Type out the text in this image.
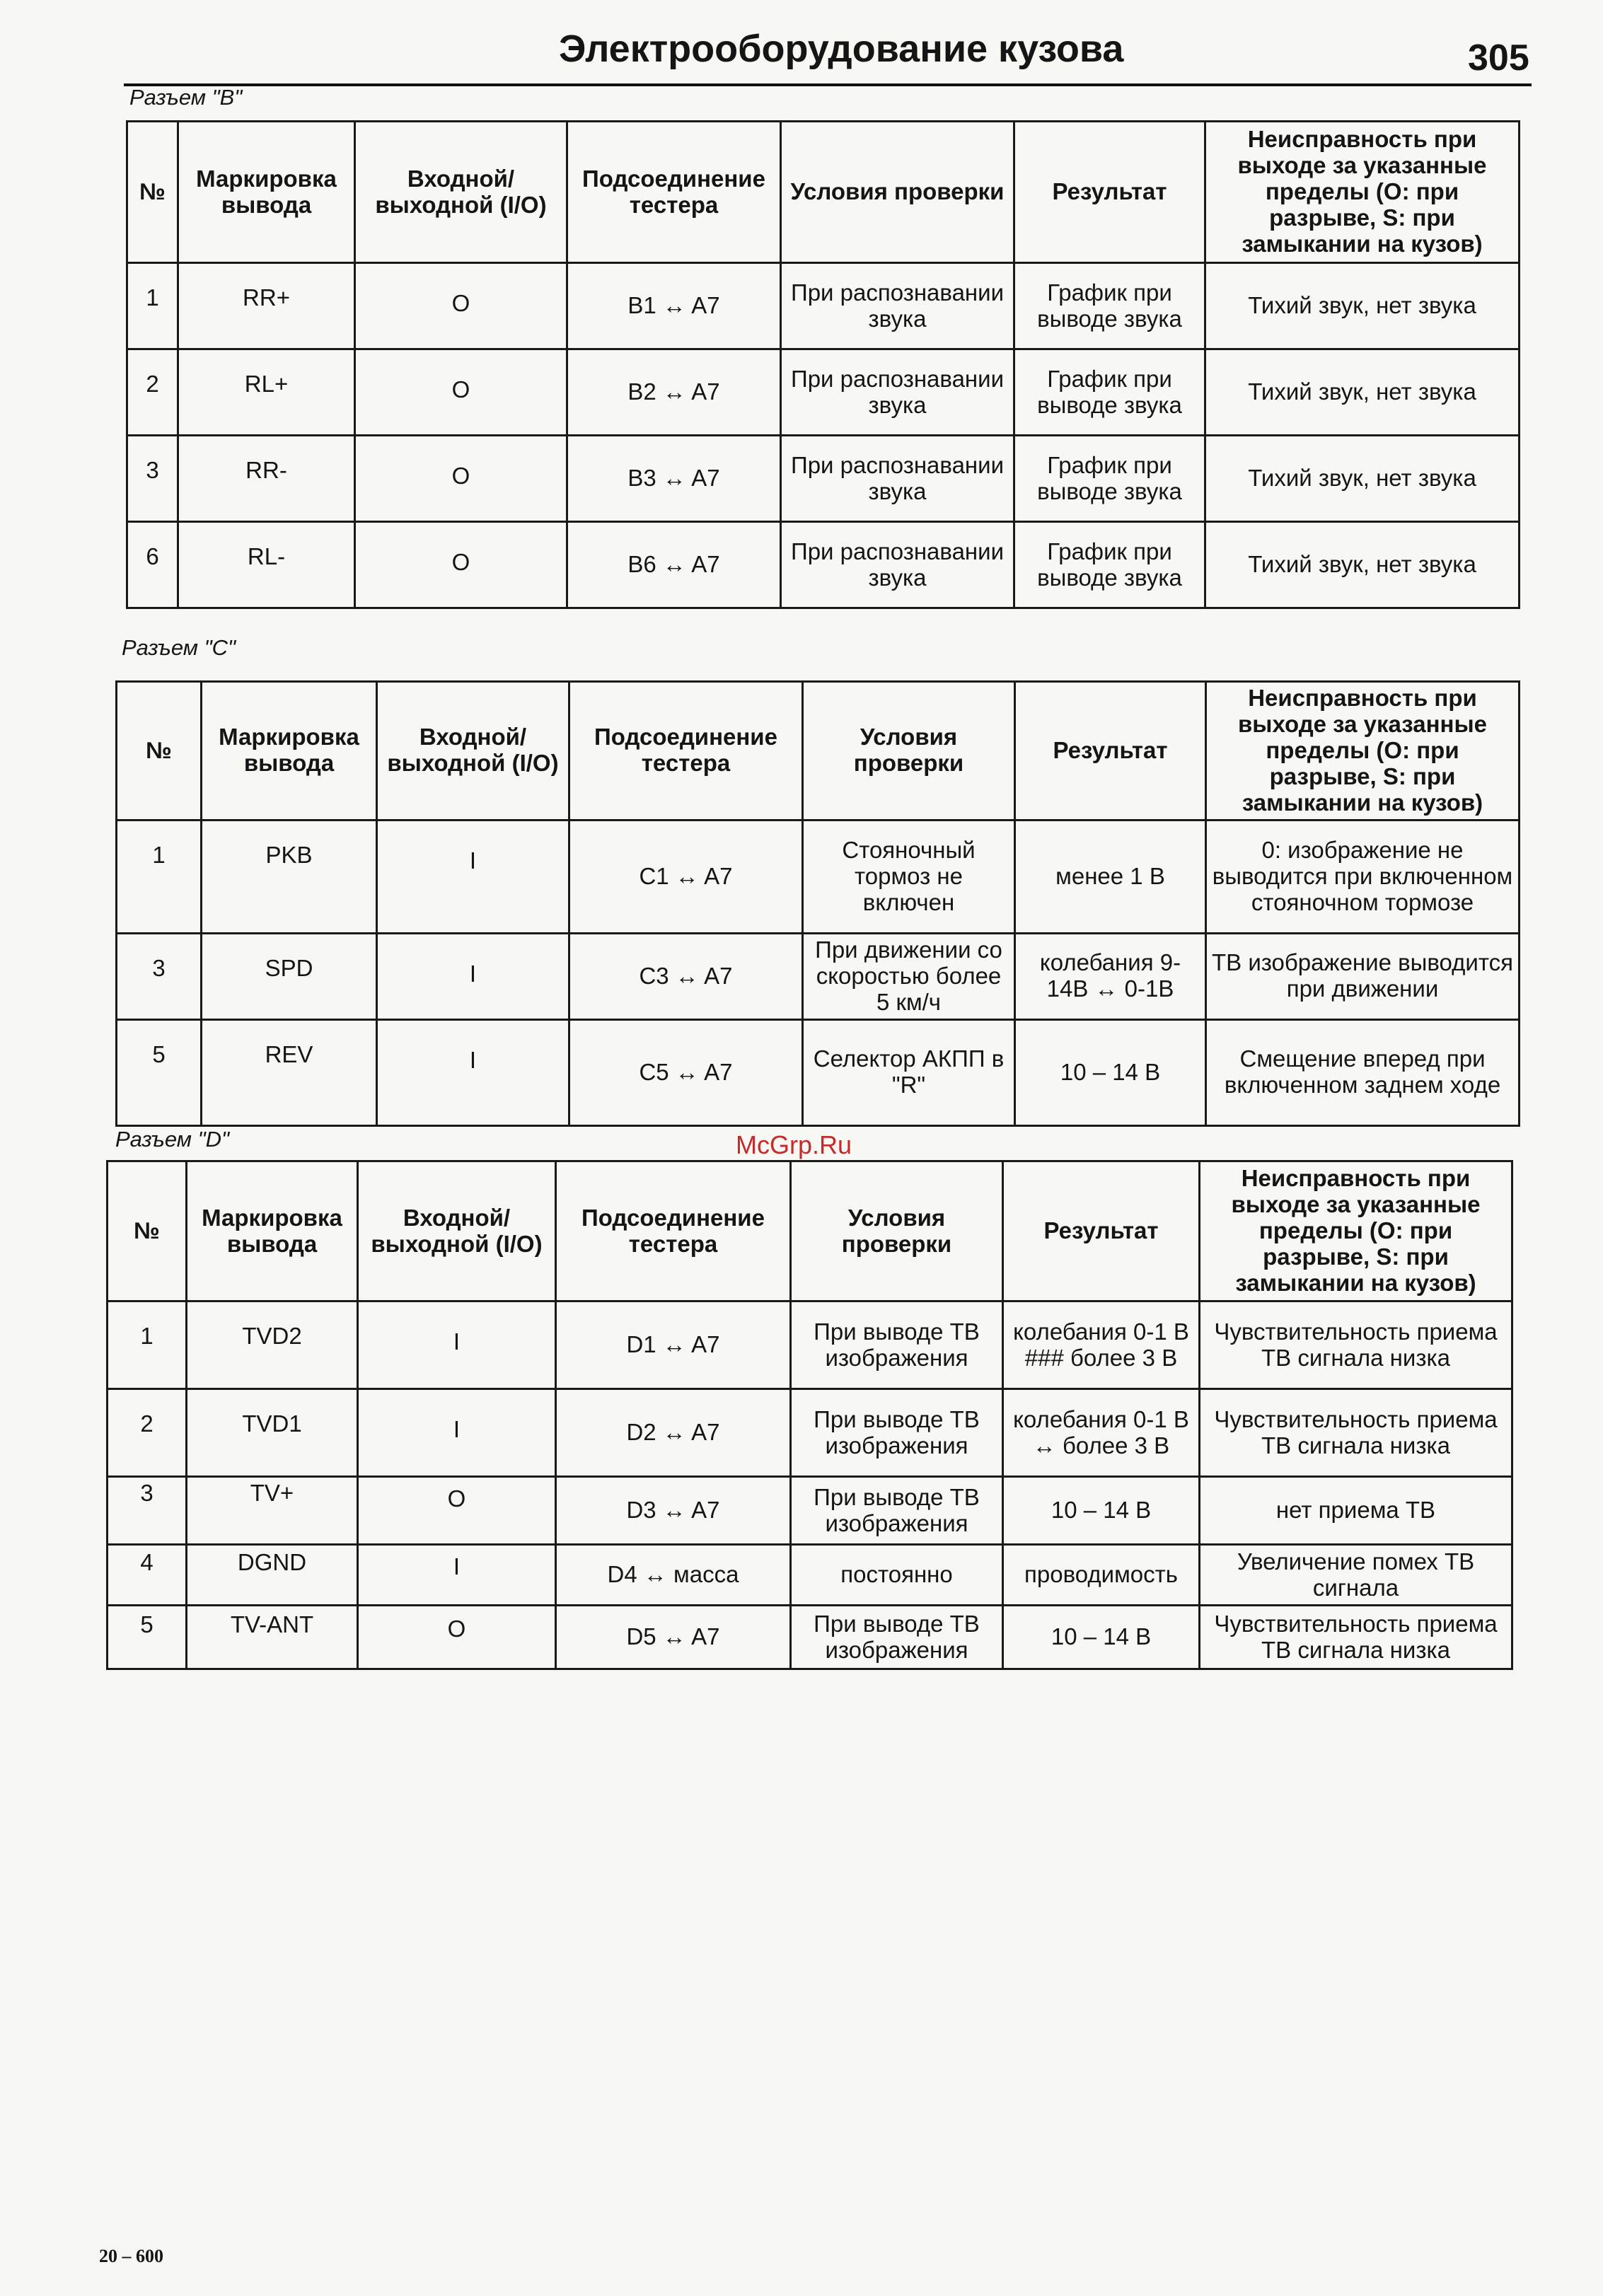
Электрооборудование кузова	305
Разъем "B"
№	Маркировка вывода	Входной/ выходной (I/O)	Подсоединение тестера	Условия проверки	Результат	Неисправность при выходе за указанные пределы (O: при разрыве, S: при замыкании на кузов)
1	RR+	O	B1 ↔ A7	При распознавании звука	График при выводе звука	Тихий звук, нет звука
2	RL+	O	B2 ↔ A7	При распознавании звука	График при выводе звука	Тихий звук, нет звука
3	RR-	O	B3 ↔ A7	При распознавании звука	График при выводе звука	Тихий звук, нет звука
6	RL-	O	B6 ↔ A7	При распознавании звука	График при выводе звука	Тихий звук, нет звука
Разъем "C"
№	Маркировка вывода	Входной/ выходной (I/O)	Подсоединение тестера	Условия проверки	Результат	Неисправность при выходе за указанные пределы (O: при разрыве, S: при замыкании на кузов)
1	PKB	I	C1 ↔ A7	Стояночный тормоз не включен	менее 1 В	0: изображение не выводится при включенном стояночном тормозе
3	SPD	I	C3 ↔ A7	При движении со скоростью более 5 км/ч	колебания 9-14В ↔ 0-1В	ТВ изображение выводится при движении
5	REV	I	C5 ↔ A7	Селектор АКПП в "R"	10 – 14 В	Смещение вперед при включенном заднем ходе
McGrp.Ru
Разъем "D"
№	Маркировка вывода	Входной/ выходной (I/O)	Подсоединение тестера	Условия проверки	Результат	Неисправность при выходе за указанные пределы (O: при разрыве, S: при замыкании на кузов)
1	TVD2	I	D1 ↔ A7	При выводе ТВ изображения	колебания 0-1 В ### более 3 В	Чувствительность приема ТВ сигнала низка
2	TVD1	I	D2 ↔ A7	При выводе ТВ изображения	колебания 0-1 В ↔ более 3 В	Чувствительность приема ТВ сигнала низка
3	TV+	O	D3 ↔ A7	При выводе ТВ изображения	10 – 14 В	нет приема ТВ
4	DGND	I	D4 ↔ масса	постоянно	проводимость	Увеличение помех ТВ сигнала
5	TV-ANT	O	D5 ↔ A7	При выводе ТВ изображения	10 – 14 В	Чувствительность приема ТВ сигнала низка
20 – 600
